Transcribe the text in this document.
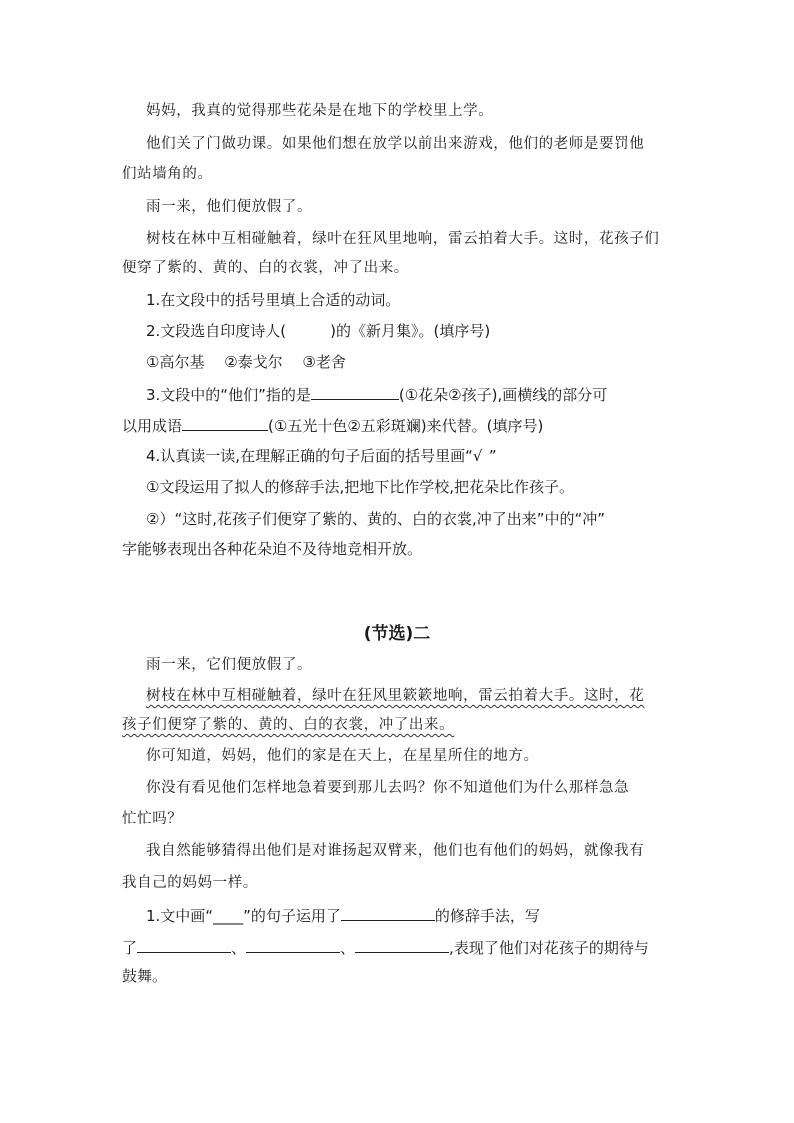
妈妈，我真的觉得那些花朵是在地下的学校里上学。
他们关了门做功课。如果他们想在放学以前出来游戏，他们的老师是要罚他
们站墙角的。
雨一来，他们便放假了。
树枝在林中互相碰触着，绿叶在狂风里地响，雷云拍着大手。这时，花孩子们
便穿了紫的、黄的、白的衣裳，冲了出来。
1.在文段中的括号里填上合适的动词。
2.文段选自印度诗人(	)的《新月集》。(填序号)
①高尔基　 ②泰戈尔　 ③老舍
3.文段中的“他们”指的是	(①花朵②孩子),画横线的部分可
以用成语	(①五光十色②五彩斑斓)来代替。(填序号)
4.认真读一读,在理解正确的句子后面的括号里画“√ ”
①文段运用了拟人的修辞手法,把地下比作学校,把花朵比作孩子。
②）“这时,花孩子们便穿了紫的、黄的、白的衣裳,冲了出来”中的“冲”
字能够表现出各种花朵迫不及待地竞相开放。
(节选)二
雨一来，它们便放假了。
树枝在林中互相碰触着，绿叶在狂风里簌簌地响，雷云拍着大手。这时，花
孩子们便穿了紫的、黄的、白的衣裳，冲了出来。
你可知道，妈妈，他们的家是在天上，在星星所住的地方。
你没有看见他们怎样地急着要到那儿去吗？你不知道他们为什么那样急急
忙忙吗？
我自然能够猜得出他们是对谁扬起双臂来，他们也有他们的妈妈，就像我有
我自己的妈妈一样。
1.文中画“____”的句子运用了	的修辞手法，写
了	、	、	,表现了他们对花孩子的期待与
鼓舞。
